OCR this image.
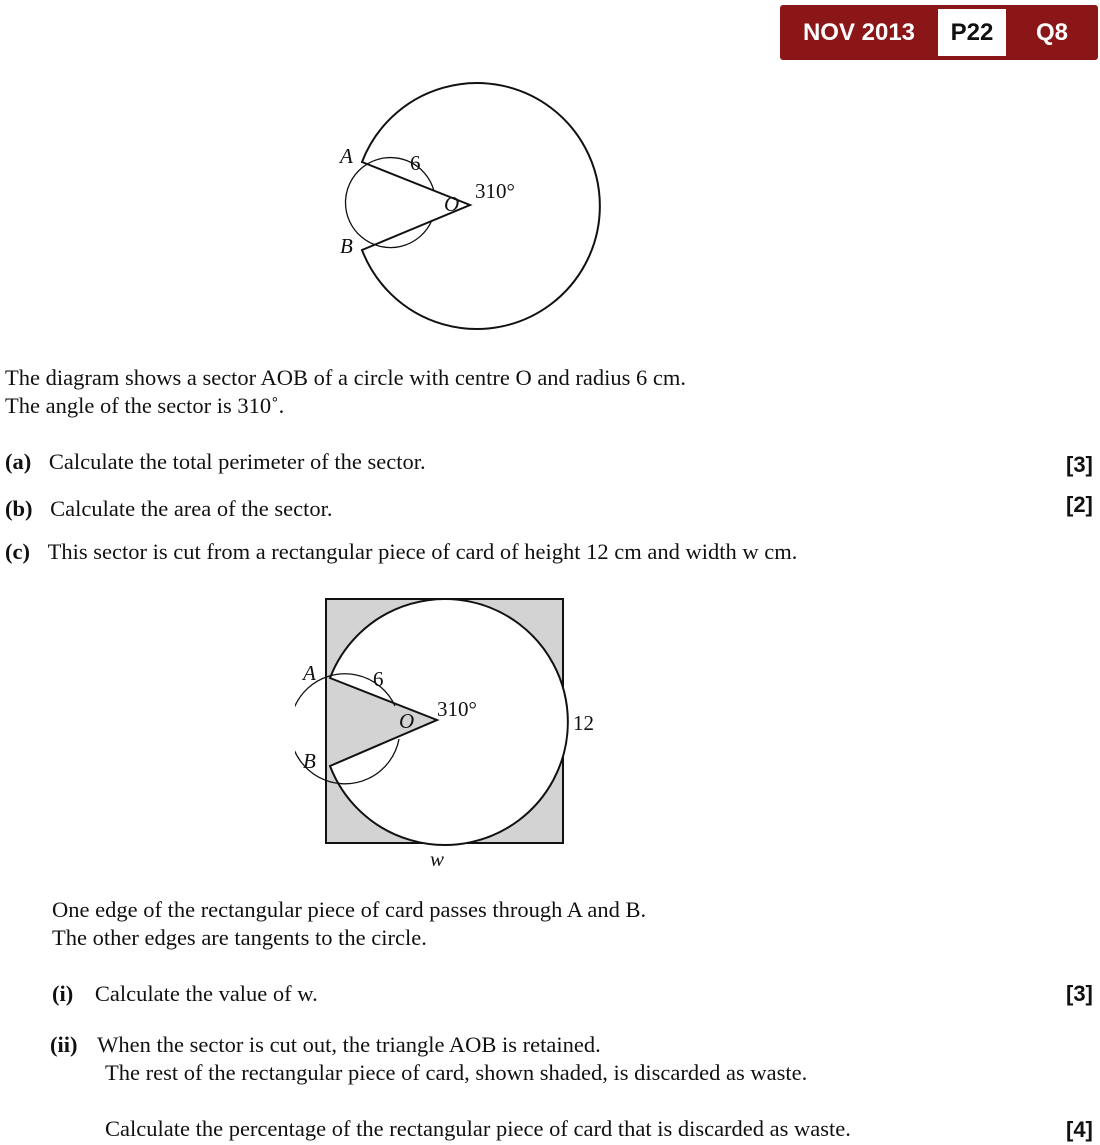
NOV 2013	P22	Q8
A
B
O
6
310°
The diagram shows a sector AOB of a circle with centre O and radius 6 cm.
The angle of the sector is 310˚.
(a) Calculate the total perimeter of the sector.	[3]
(b) Calculate the area of the sector.	[2]
(c) This sector is cut from a rectangular piece of card of height 12 cm and width w cm.
A
B
O
6
310°
12
w
One edge of the rectangular piece of card passes through A and B.
The other edges are tangents to the circle.
(i) Calculate the value of w.	[3]
(ii) When the sector is cut out, the triangle AOB is retained.
The rest of the rectangular piece of card, shown shaded, is discarded as waste.
Calculate the percentage of the rectangular piece of card that is discarded as waste.	[4]
